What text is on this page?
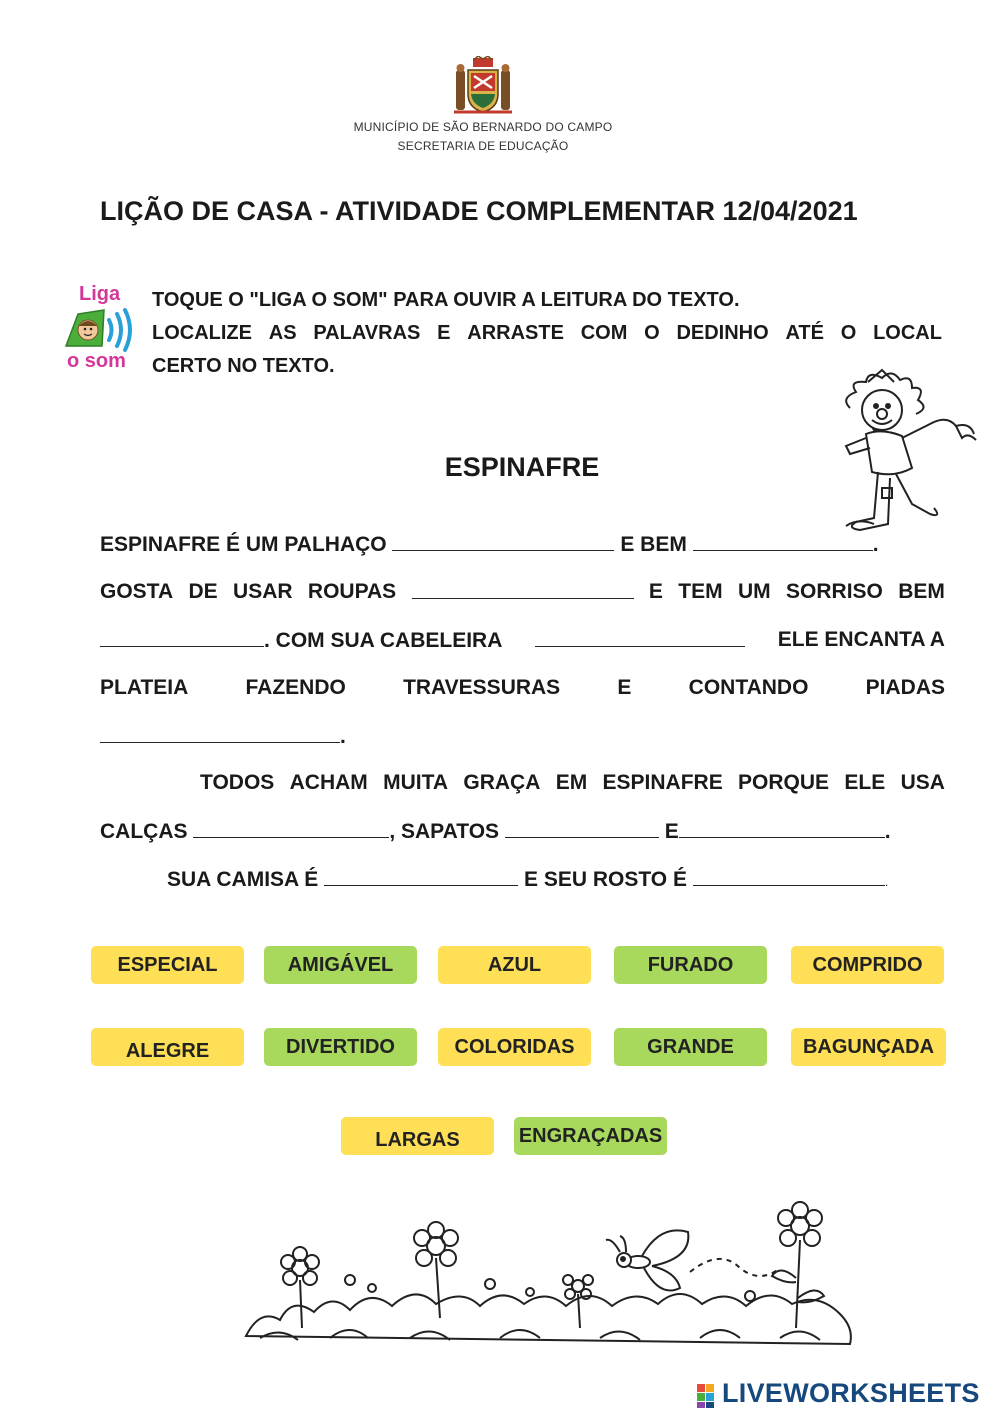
MUNICÍPIO DE SÃO BERNARDO DO CAMPO
SECRETARIA DE EDUCAÇÃO
LIÇÃO DE CASA - ATIVIDADE COMPLEMENTAR 12/04/2021
Liga
o som
TOQUE O "LIGA O SOM" PARA OUVIR A LEITURA DO TEXTO.
LOCALIZE AS PALAVRAS E ARRASTE COM O DEDINHO ATÉ O LOCAL
CERTO NO TEXTO.
ESPINAFRE
ESPINAFRE É UM PALHAÇO	E BEM	.
GOSTA DE USAR ROUPAS	E TEM UM SORRISO BEM
. COM SUA CABELEIRA	ELE ENCANTA A
PLATEIA	FAZENDO	TRAVESSURAS	E	CONTANDO	PIADAS
.
TODOS ACHAM MUITA GRAÇA EM ESPINAFRE PORQUE ELE USA
CALÇAS	, SAPATOS	E	.
SUA CAMISA É	E SEU ROSTO É	.
ESPECIAL	AMIGÁVEL	AZUL	FURADO	COMPRIDO
ALEGRE	DIVERTIDO	COLORIDAS	GRANDE	BAGUNÇADA
LARGAS	ENGRAÇADAS
LIVEWORKSHEETS
